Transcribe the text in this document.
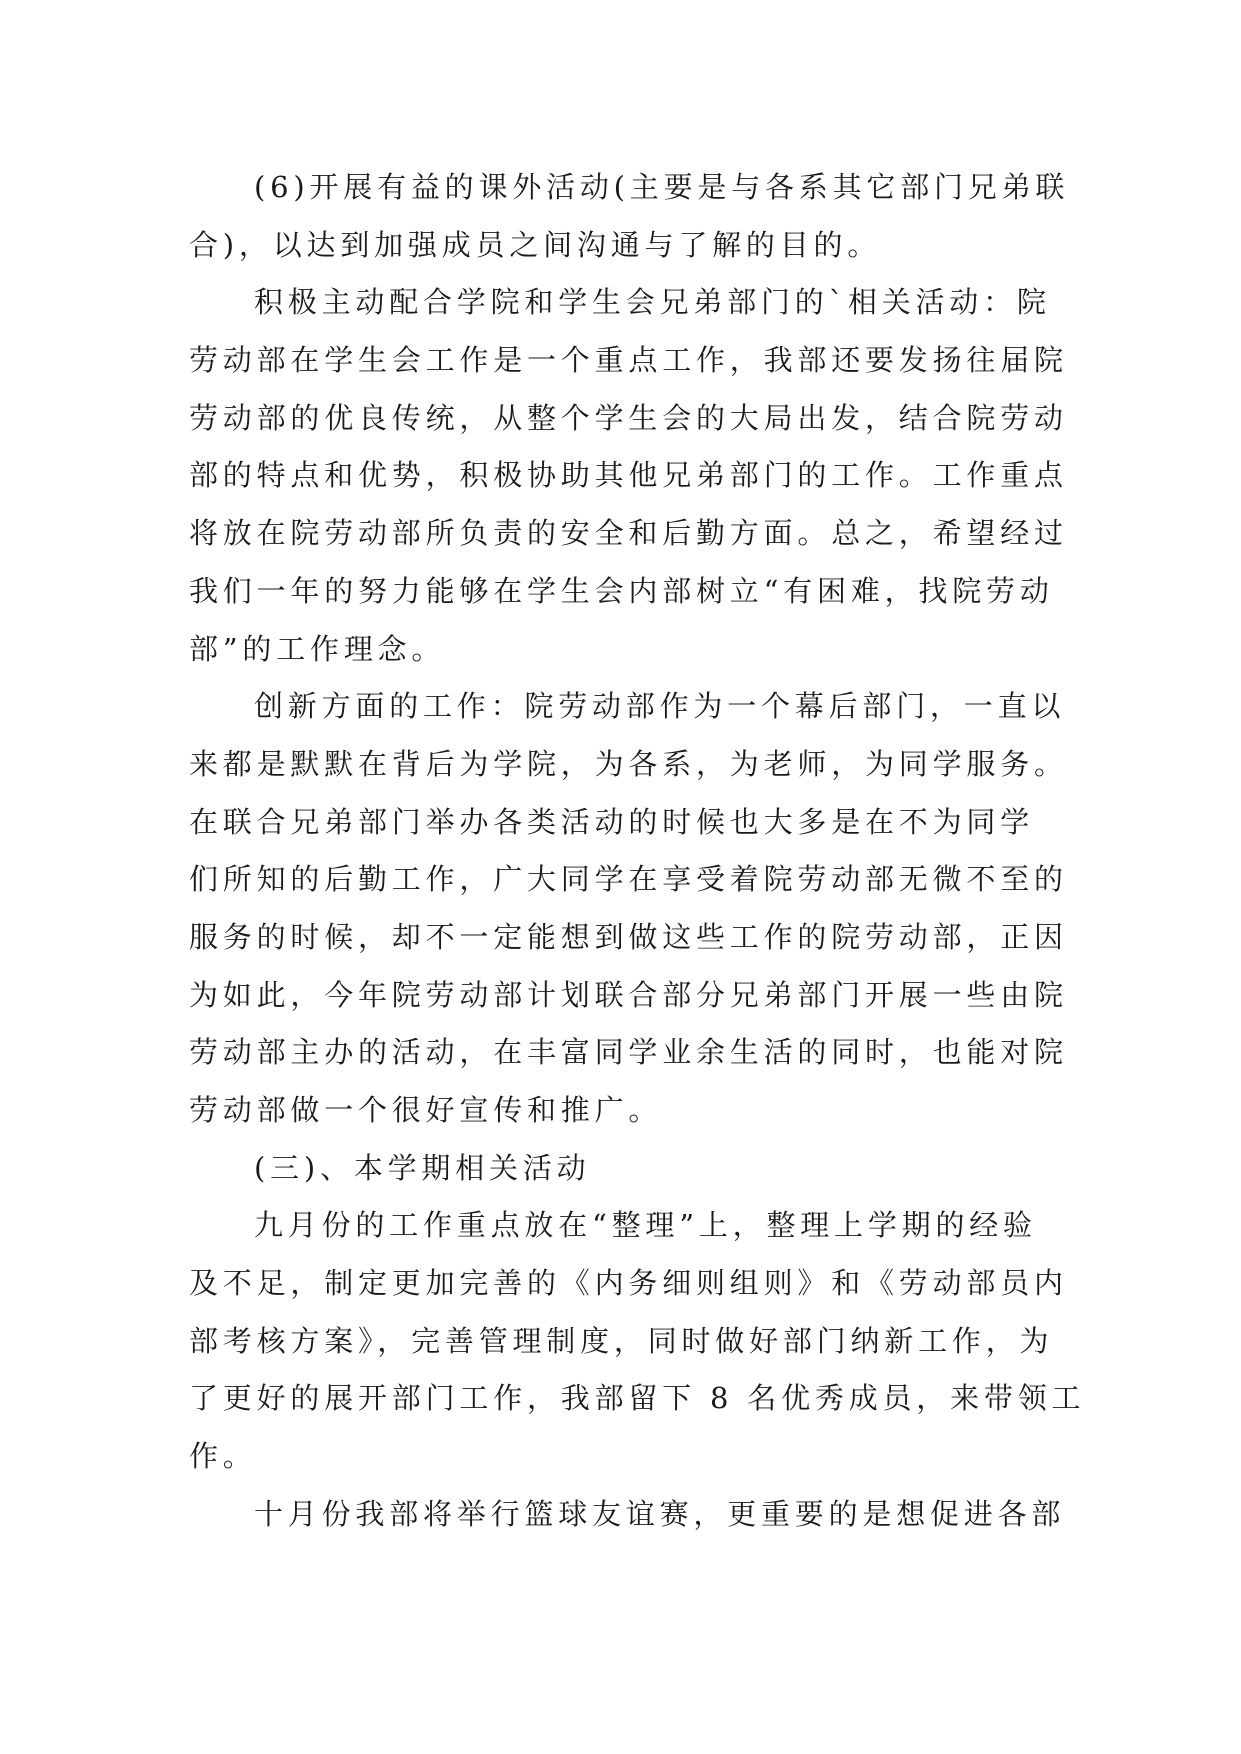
(6)开展有益的课外活动(主要是与各系其它部门兄弟联
合)，以达到加强成员之间沟通与了解的目的。
积极主动配合学院和学生会兄弟部门的`相关活动：院
劳动部在学生会工作是一个重点工作，我部还要发扬往届院
劳动部的优良传统，从整个学生会的大局出发，结合院劳动
部的特点和优势，积极协助其他兄弟部门的工作。工作重点
将放在院劳动部所负责的安全和后勤方面。总之，希望经过
我们一年的努力能够在学生会内部树立“有困难，找院劳动
部”的工作理念。
创新方面的工作：院劳动部作为一个幕后部门，一直以
来都是默默在背后为学院，为各系，为老师，为同学服务。
在联合兄弟部门举办各类活动的时候也大多是在不为同学
们所知的后勤工作，广大同学在享受着院劳动部无微不至的
服务的时候，却不一定能想到做这些工作的院劳动部，正因
为如此，今年院劳动部计划联合部分兄弟部门开展一些由院
劳动部主办的活动，在丰富同学业余生活的同时，也能对院
劳动部做一个很好宣传和推广。
(三)、本学期相关活动
九月份的工作重点放在“整理”上，整理上学期的经验
及不足，制定更加完善的《内务细则组则》和《劳动部员内
部考核方案》，完善管理制度，同时做好部门纳新工作，为
了更好的展开部门工作，我部留下 8 名优秀成员，来带领工
作。
十月份我部将举行篮球友谊赛，更重要的是想促进各部
